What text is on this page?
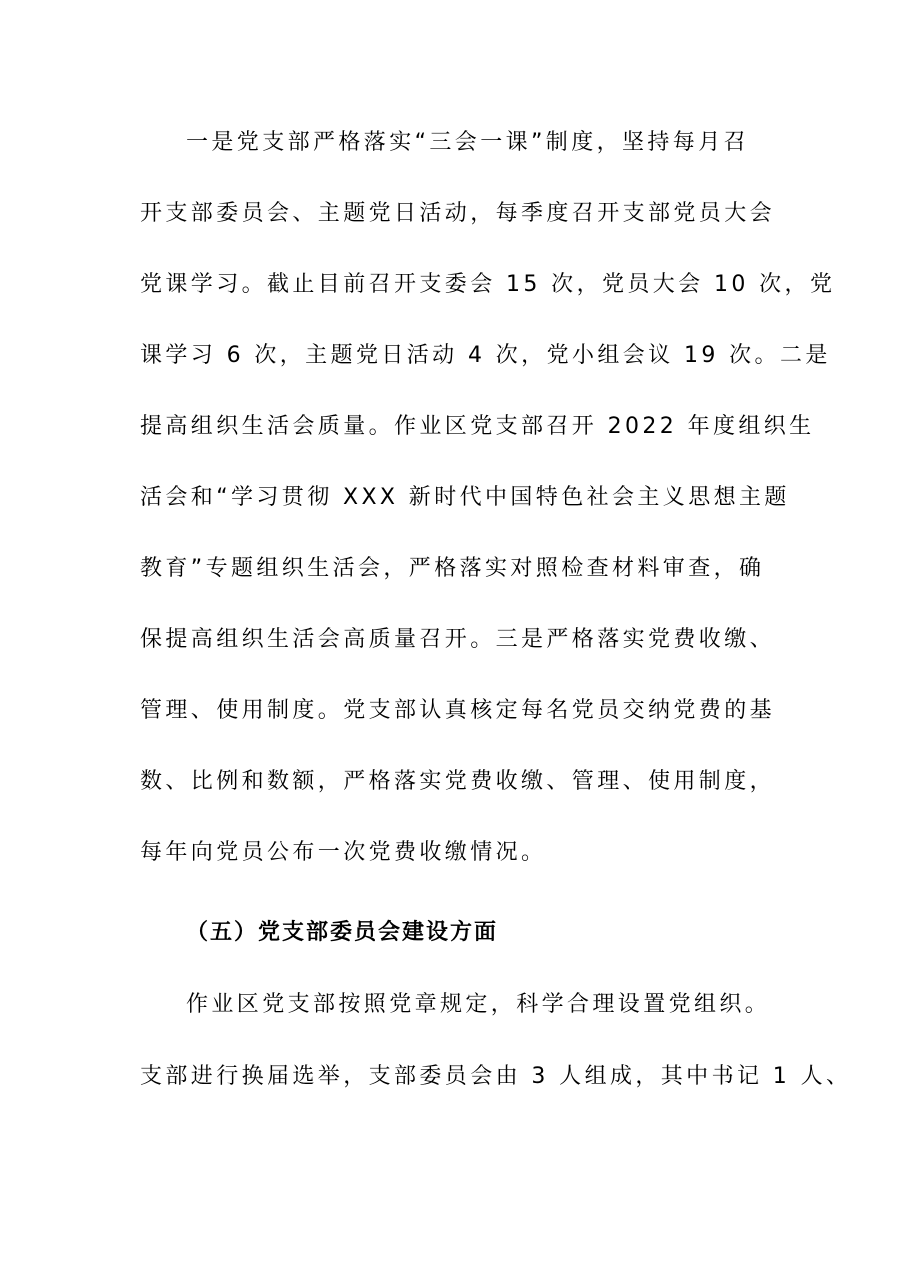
一是党支部严格落实“三会一课”制度，坚持每月召
开支部委员会、主题党日活动，每季度召开支部党员大会
党课学习。截止目前召开支委会 15 次，党员大会 10 次，党
课学习 6 次，主题党日活动 4 次，党小组会议 19 次。二是
提高组织生活会质量。作业区党支部召开 2022 年度组织生
活会和“学习贯彻 XXX 新时代中国特色社会主义思想主题
教育”专题组织生活会，严格落实对照检查材料审查，确
保提高组织生活会高质量召开。三是严格落实党费收缴、
管理、使用制度。党支部认真核定每名党员交纳党费的基
数、比例和数额，严格落实党费收缴、管理、使用制度，
每年向党员公布一次党费收缴情况。
（五）党支部委员会建设方面
作业区党支部按照党章规定，科学合理设置党组织。
支部进行换届选举，支部委员会由 3 人组成，其中书记 1 人、
